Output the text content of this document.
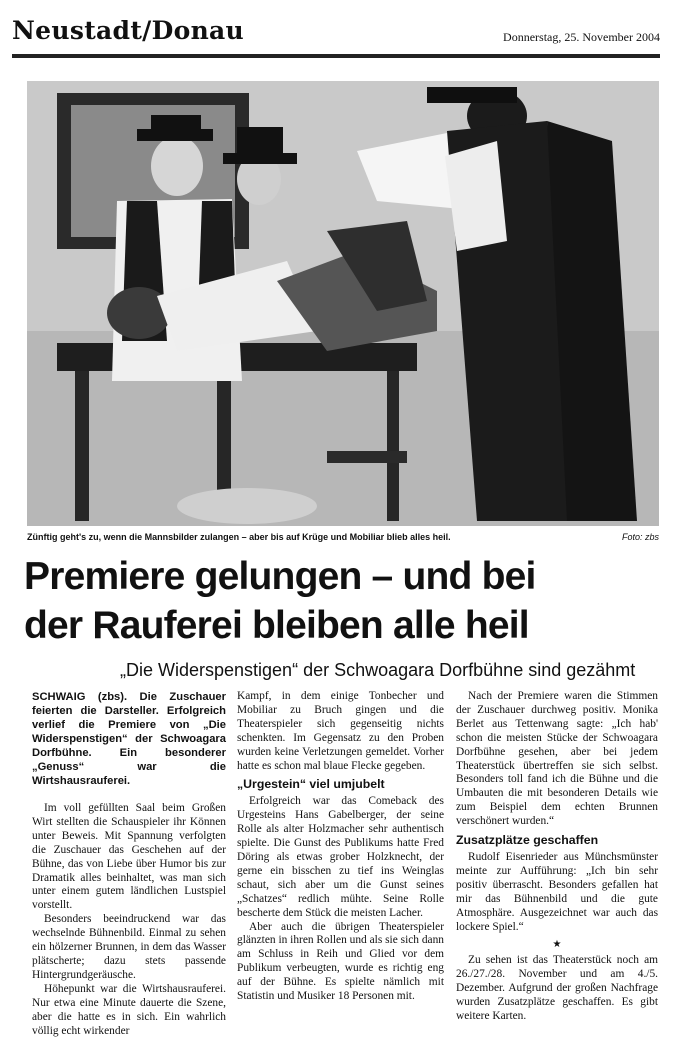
Neustadt/Donau	Donnerstag, 25. November 2004
Zünftig geht's zu, wenn die Mannsbilder zulangen – aber bis auf Krüge und Mobiliar blieb alles heil.	Foto: zbs
Premiere gelungen – und bei
der Rauferei bleiben alle heil
„Die Widerspenstigen“ der Schwoagara Dorfbühne sind gezähmt

SCHWAIG (zbs). Die Zuschauer feierten die Darsteller. Erfolgreich verlief die Premiere von „Die Widerspenstigen“ der Schwoagara Dorfbühne. Ein besonderer „Genuss“ war die Wirtshausrauferei.

Im voll gefüllten Saal beim Großen Wirt stellten die Schauspieler ihr Können unter Beweis. Mit Spannung verfolgten die Zuschauer das Geschehen auf der Bühne, das von Liebe über Humor bis zur Dramatik alles beinhaltet, was man sich unter einem gutem ländlichen Lustspiel vorstellt.

Besonders beeindruckend war das wechselnde Bühnenbild. Einmal zu sehen ein hölzerner Brunnen, in dem das Wasser plätscherte; dazu stets passende Hintergrundgeräusche.

Höhepunkt war die Wirtshausrauferei. Nur etwa eine Minute dauerte die Szene, aber die hatte es in sich. Ein wahrlich völlig echt wirkender

Kampf, in dem einige Tonbecher und Mobiliar zu Bruch gingen und die Theaterspieler sich gegenseitig nichts schenkten. Im Gegensatz zu den Proben wurden keine Verletzungen gemeldet. Vorher hatte es schon mal blaue Flecke gegeben.

„Urgestein“ viel umjubelt

Erfolgreich war das Comeback des Urgesteins Hans Gabelberger, der seine Rolle als alter Holzmacher sehr authentisch spielte. Die Gunst des Publikums hatte Fred Döring als etwas grober Holzknecht, der gerne ein bisschen zu tief ins Weinglas schaut, sich aber um die Gunst seines „Schatzes“ redlich mühte. Seine Rolle bescherte dem Stück die meisten Lacher.

Aber auch die übrigen Theaterspieler glänzten in ihren Rollen und als sie sich dann am Schluss in Reih und Glied vor dem Publikum verbeugten, wurde es richtig eng auf der Bühne. Es spielte nämlich mit Statistin und Musiker 18 Personen mit.

Nach der Premiere waren die Stimmen der Zuschauer durchweg positiv. Monika Berlet aus Tettenwang sagte: „Ich hab' schon die meisten Stücke der Schwoagara Dorfbühne gesehen, aber bei jedem Theaterstück übertreffen sie sich selbst. Besonders toll fand ich die Bühne und die Umbauten die mit besonderen Details wie zum Beispiel dem echten Brunnen verschönert wurden.“

Zusatzplätze geschaffen

Rudolf Eisenrieder aus Münchsmünster meinte zur Aufführung: „Ich bin sehr positiv überrascht. Besonders gefallen hat mir das Bühnenbild und die gute Atmosphäre. Ausgezeichnet war auch das lockere Spiel.“

★

Zu sehen ist das Theaterstück noch am 26./27./28. November und am 4./5. Dezember. Aufgrund der großen Nachfrage wurden Zusatzplätze geschaffen. Es gibt weitere Karten.
